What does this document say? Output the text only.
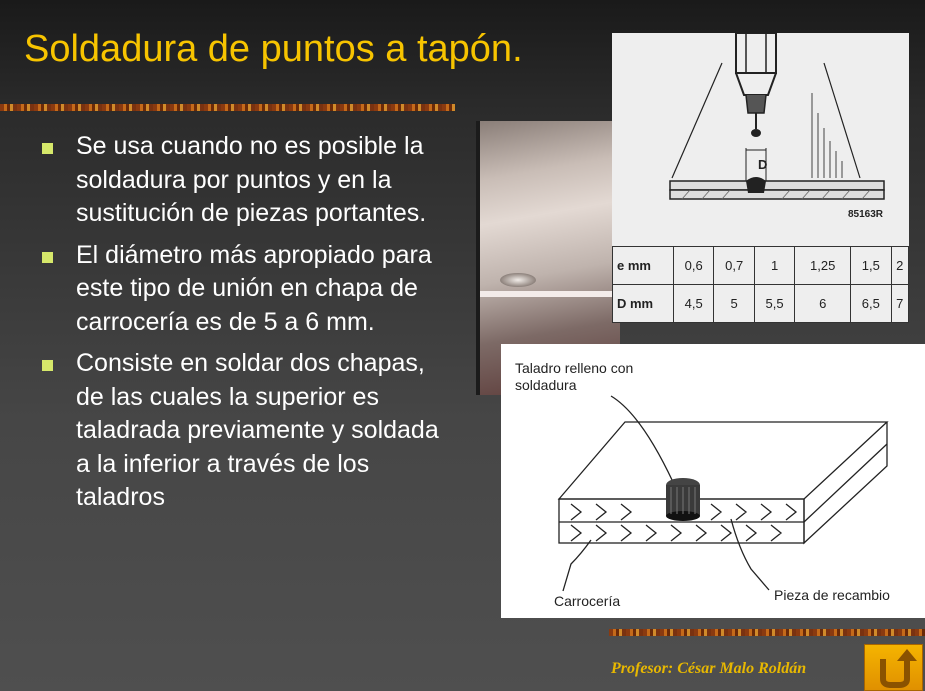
Soldadura de puntos a tapón.
Se usa cuando no es posible la soldadura por puntos y en la sustitución de piezas portantes.
El diámetro más apropiado para este tipo de unión en chapa de carrocería es de 5 a 6 mm.
Consiste en soldar dos chapas, de las cuales la superior es taladrada previamente y soldada a la inferior a través de los taladros
D
85163R
e mm	0,6	0,7	1	1,25	1,5	2
D mm	4,5	5	5,5	6	6,5	7
Taladro relleno con soldadura
Carrocería	Pieza de recambio
Profesor: César Malo Roldán
